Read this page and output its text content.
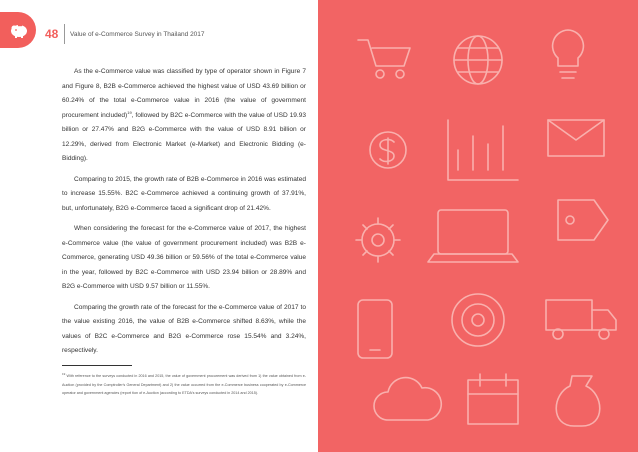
48 Value of e-Commerce Survey in Thailand 2017

As the e-Commerce value was classified by type of operator shown in Figure 7 and Figure 8, B2B e-Commerce achieved the highest value of USD 43.69 billion or 60.24% of the total e-Commerce value in 2016 (the value of government procurement included)$^{19}$, followed by B2C e-Commerce with the value of USD 19.93 billion or 27.47% and B2G e-Commerce with the value of USD 8.91 billion or 12.29%, derived from Electronic Market (e-Market) and Electronic Bidding (e-Bidding).

Comparing to 2015, the growth rate of B2B e-Commerce in 2016 was estimated to increase 15.55%. B2C e-Commerce achieved a continuing growth of 37.91%, but, unfortunately, B2G e-Commerce faced a significant drop of 21.42%.

When considering the forecast for the e-Commerce value of 2017, the highest e-Commerce value (the value of government procurement included) was B2B e-Commerce, generating USD 49.36 billion or 59.56% of the total e-Commerce value in the year, followed by B2C e-Commerce with USD 23.94 billion or 28.89% and B2G e-Commerce with USD 9.57 billion or 11.55%.

Comparing the growth rate of the forecast for the e-Commerce value of 2017 to the value existing 2016, the value of B2B e-Commerce shifted 8.63%, while the values of B2C e-Commerce and B2G e-Commerce rose 15.54% and 3.24%, respectively.

$^{19}$ With reference to the surveys conducted in 2016 and 2015, the value of government procurement was derived from 1) the value obtained from e-Auction (provided by the Comptroller's General Department) and 2) the value occurred from the e-Commerce business cooperated by e-Commerce operator and government agencies (report tion of e-Auction (according to ETDA's surveys conducted in 2014 and 2015).
